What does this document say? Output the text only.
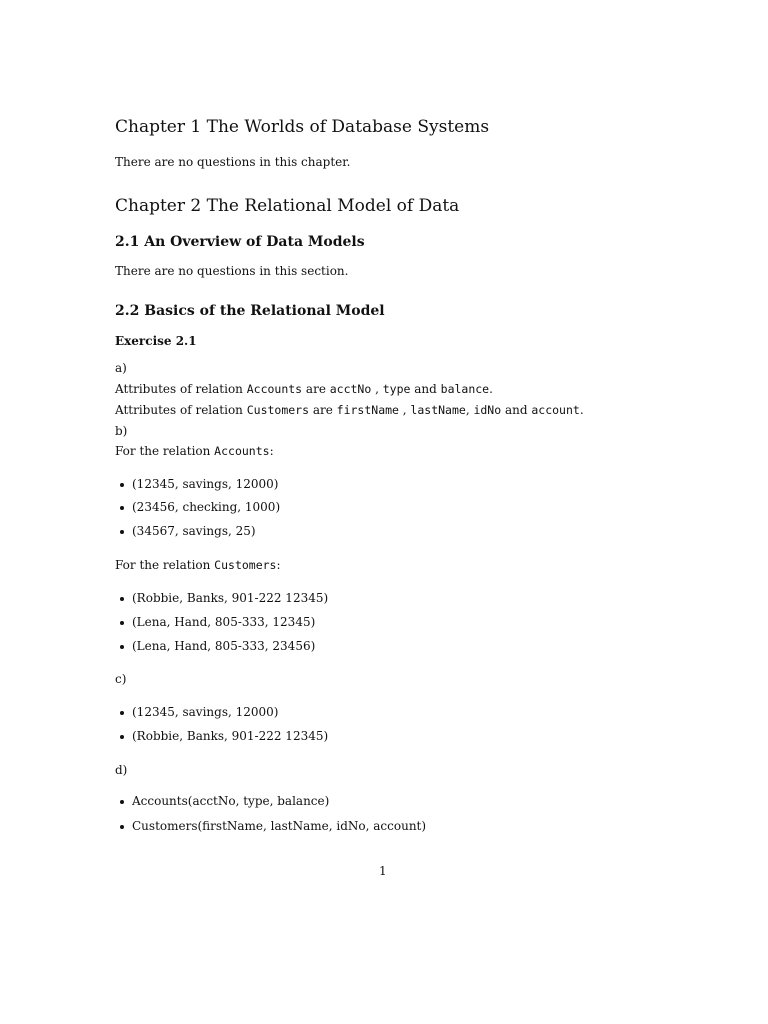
Chapter 1 The Worlds of Database Systems

There are no questions in this chapter.

Chapter 2 The Relational Model of Data
2.1 An Overview of Data Models

There are no questions in this section.

2.2 Basics of the Relational Model
Exercise 2.1

a)

Attributes of relation Accounts are acctNo , type and balance.

Attributes of relation Customers are firstName , lastName, idNo and account.

b)

For the relation Accounts:

(12345, savings, 12000)

(23456, checking, 1000)

(34567, savings, 25)

For the relation Customers:

(Robbie, Banks, 901-222 12345)

(Lena, Hand, 805-333, 12345)

(Lena, Hand, 805-333, 23456)

c)

(12345, savings, 12000)

(Robbie, Banks, 901-222 12345)

d)

Accounts(acctNo, type, balance)

Customers(firstName, lastName, idNo, account)

1
